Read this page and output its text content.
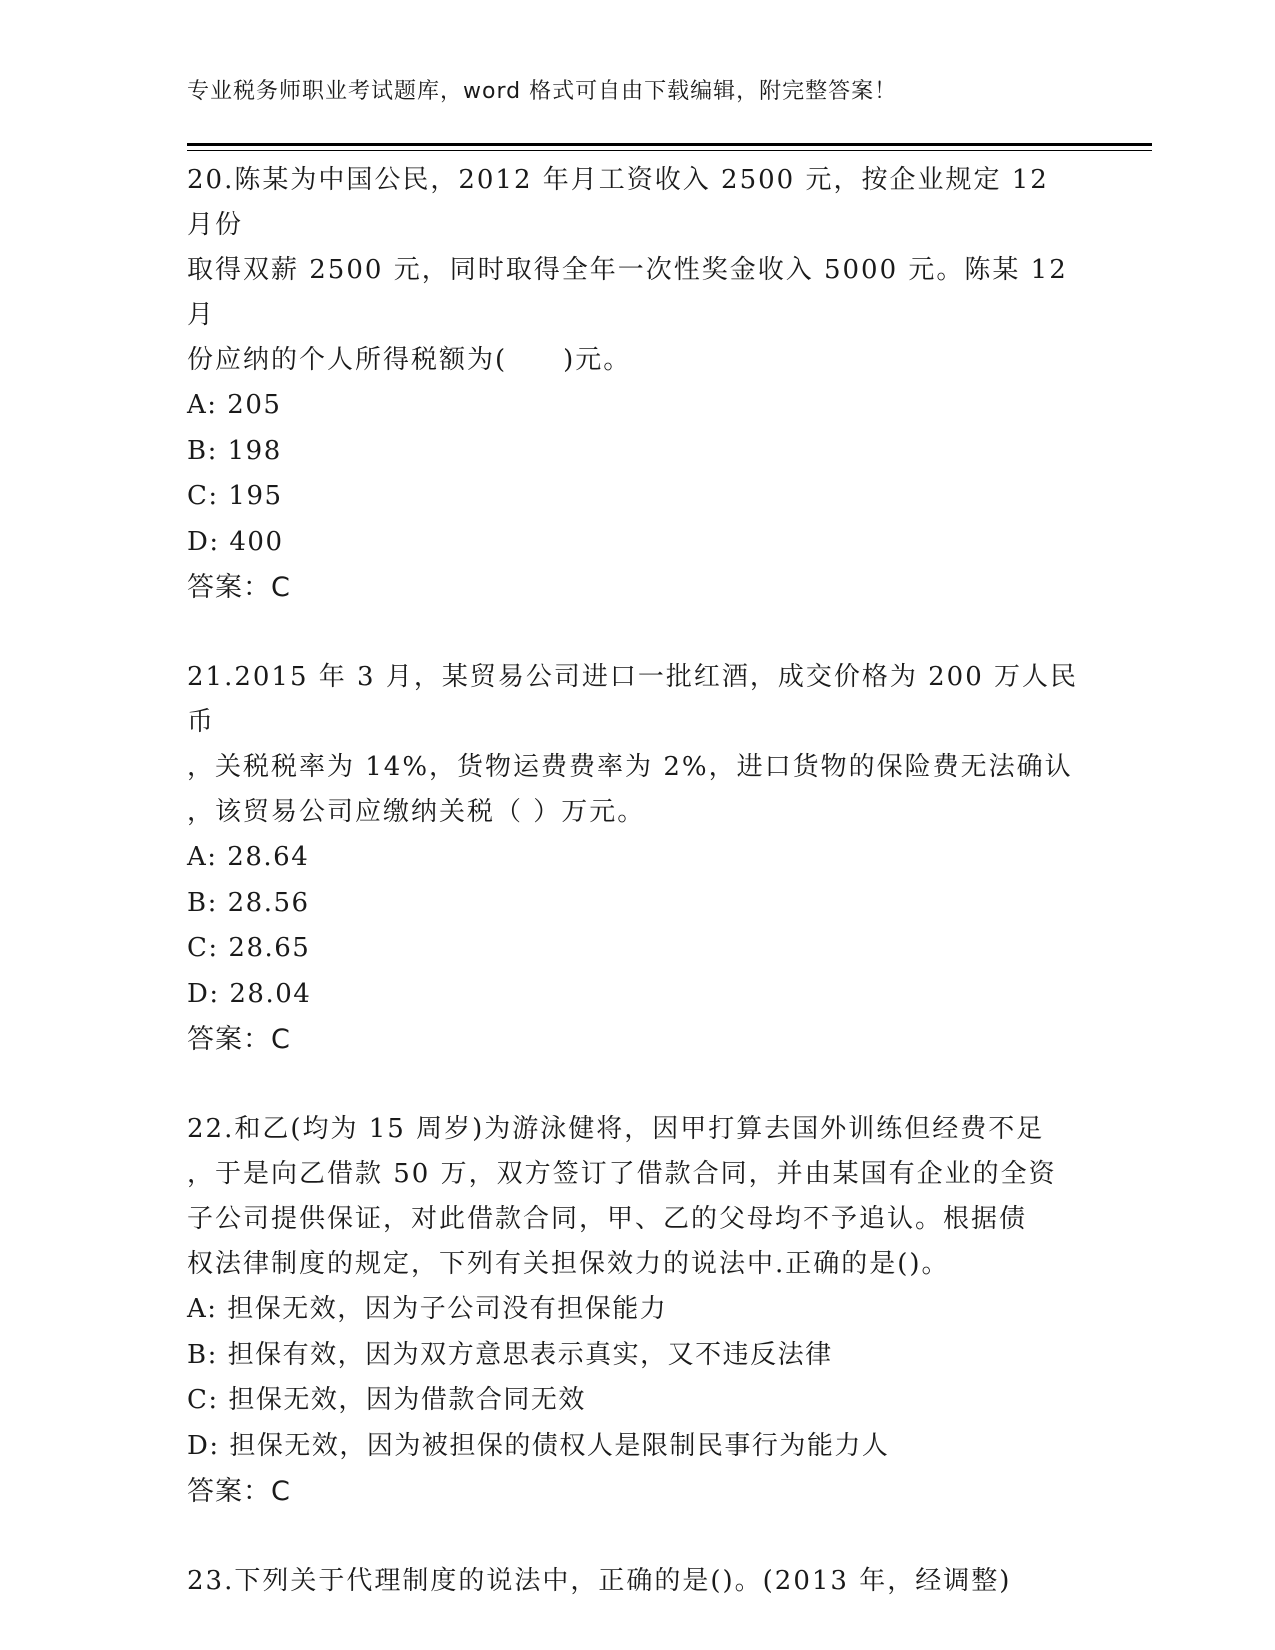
专业税务师职业考试题库，word 格式可自由下载编辑，附完整答案！
20.陈某为中国公民，2012 年月工资收入 2500 元，按企业规定 12 月份
取得双薪 2500 元，同时取得全年一次性奖金收入 5000 元。陈某 12 月
份应纳的个人所得税额为(　　)元。
A: 205
B: 198
C: 195
D: 400
答案：C
21.2015 年 3 月，某贸易公司进口一批红酒，成交价格为 200 万人民币
，关税税率为 14%，货物运费费率为 2%，进口货物的保险费无法确认
，该贸易公司应缴纳关税（ ）万元。
A: 28.64
B: 28.56
C: 28.65
D: 28.04
答案：C
22.和乙(均为 15 周岁)为游泳健将，因甲打算去国外训练但经费不足
，于是向乙借款 50 万，双方签订了借款合同，并由某国有企业的全资
子公司提供保证，对此借款合同，甲、乙的父母均不予追认。根据债
权法律制度的规定，下列有关担保效力的说法中.正确的是()。
A: 担保无效，因为子公司没有担保能力
B: 担保有效，因为双方意思表示真实，又不违反法律
C: 担保无效，因为借款合同无效
D: 担保无效，因为被担保的债权人是限制民事行为能力人
答案：C
23.下列关于代理制度的说法中，正确的是()。(2013 年，经调整)
